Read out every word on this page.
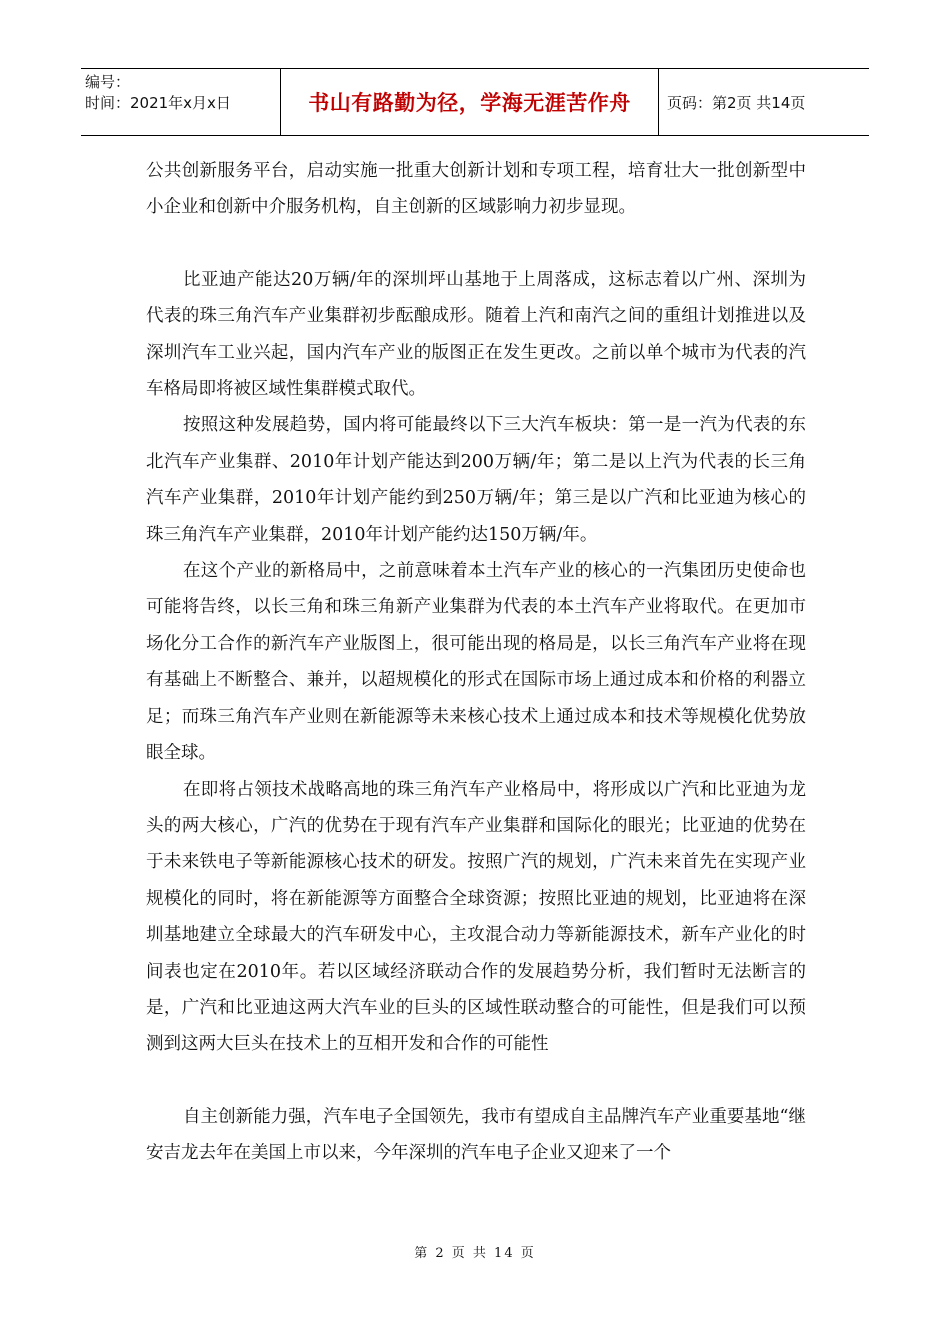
编号：
时间：2021年x月x日	书山有路勤为径，学海无涯苦作舟	页码：第2页 共14页

公共创新服务平台，启动实施一批重大创新计划和专项工程，培育壮大一批创新型中小企业和创新中介服务机构，自主创新的区域影响力初步显现。

比亚迪产能达20万辆/年的深圳坪山基地于上周落成，这标志着以广州、深圳为代表的珠三角汽车产业集群初步酝酿成形。随着上汽和南汽之间的重组计划推进以及深圳汽车工业兴起，国内汽车产业的版图正在发生更改。之前以单个城市为代表的汽车格局即将被区域性集群模式取代。

按照这种发展趋势，国内将可能最终以下三大汽车板块：第一是一汽为代表的东北汽车产业集群、2010年计划产能达到200万辆/年；第二是以上汽为代表的长三角汽车产业集群，2010年计划产能约到250万辆/年；第三是以广汽和比亚迪为核心的珠三角汽车产业集群，2010年计划产能约达150万辆/年。

在这个产业的新格局中，之前意味着本土汽车产业的核心的一汽集团历史使命也可能将告终，以长三角和珠三角新产业集群为代表的本土汽车产业将取代。在更加市场化分工合作的新汽车产业版图上，很可能出现的格局是，以长三角汽车产业将在现有基础上不断整合、兼并，以超规模化的形式在国际市场上通过成本和价格的利器立足；而珠三角汽车产业则在新能源等未来核心技术上通过成本和技术等规模化优势放眼全球。

在即将占领技术战略高地的珠三角汽车产业格局中，将形成以广汽和比亚迪为龙头的两大核心，广汽的优势在于现有汽车产业集群和国际化的眼光；比亚迪的优势在于未来铁电子等新能源核心技术的研发。按照广汽的规划，广汽未来首先在实现产业规模化的同时，将在新能源等方面整合全球资源；按照比亚迪的规划，比亚迪将在深圳基地建立全球最大的汽车研发中心，主攻混合动力等新能源技术，新车产业化的时间表也定在2010年。若以区域经济联动合作的发展趋势分析，我们暂时无法断言的是，广汽和比亚迪这两大汽车业的巨头的区域性联动整合的可能性，但是我们可以预测到这两大巨头在技术上的互相开发和合作的可能性

自主创新能力强，汽车电子全国领先，我市有望成自主品牌汽车产业重要基地“继安吉龙去年在美国上市以来，今年深圳的汽车电子企业又迎来了一个

第 2 页 共 14 页
